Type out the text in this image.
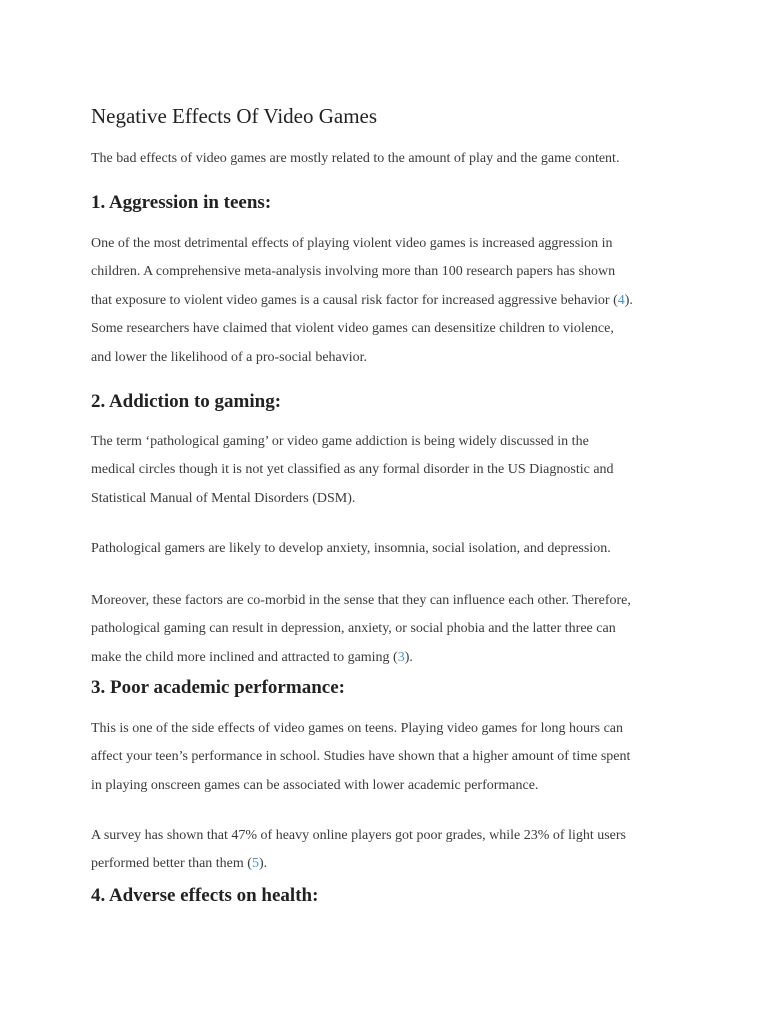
Negative Effects Of Video Games

The bad effects of video games are mostly related to the amount of play and the game content.

1. Aggression in teens:

One of the most detrimental effects of playing violent video games is increased aggression in
children. A comprehensive meta-analysis involving more than 100 research papers has shown
that exposure to violent video games is a causal risk factor for increased aggressive behavior (4).
Some researchers have claimed that violent video games can desensitize children to violence,
and lower the likelihood of a pro-social behavior.

2. Addiction to gaming:

The term ‘pathological gaming’ or video game addiction is being widely discussed in the
medical circles though it is not yet classified as any formal disorder in the US Diagnostic and
Statistical Manual of Mental Disorders (DSM).

Pathological gamers are likely to develop anxiety, insomnia, social isolation, and depression.

Moreover, these factors are co-morbid in the sense that they can influence each other. Therefore,
pathological gaming can result in depression, anxiety, or social phobia and the latter three can
make the child more inclined and attracted to gaming (3).

3. Poor academic performance:

This is one of the side effects of video games on teens. Playing video games for long hours can
affect your teen’s performance in school. Studies have shown that a higher amount of time spent
in playing onscreen games can be associated with lower academic performance.

A survey has shown that 47% of heavy online players got poor grades, while 23% of light users
performed better than them (5).

4. Adverse effects on health:
